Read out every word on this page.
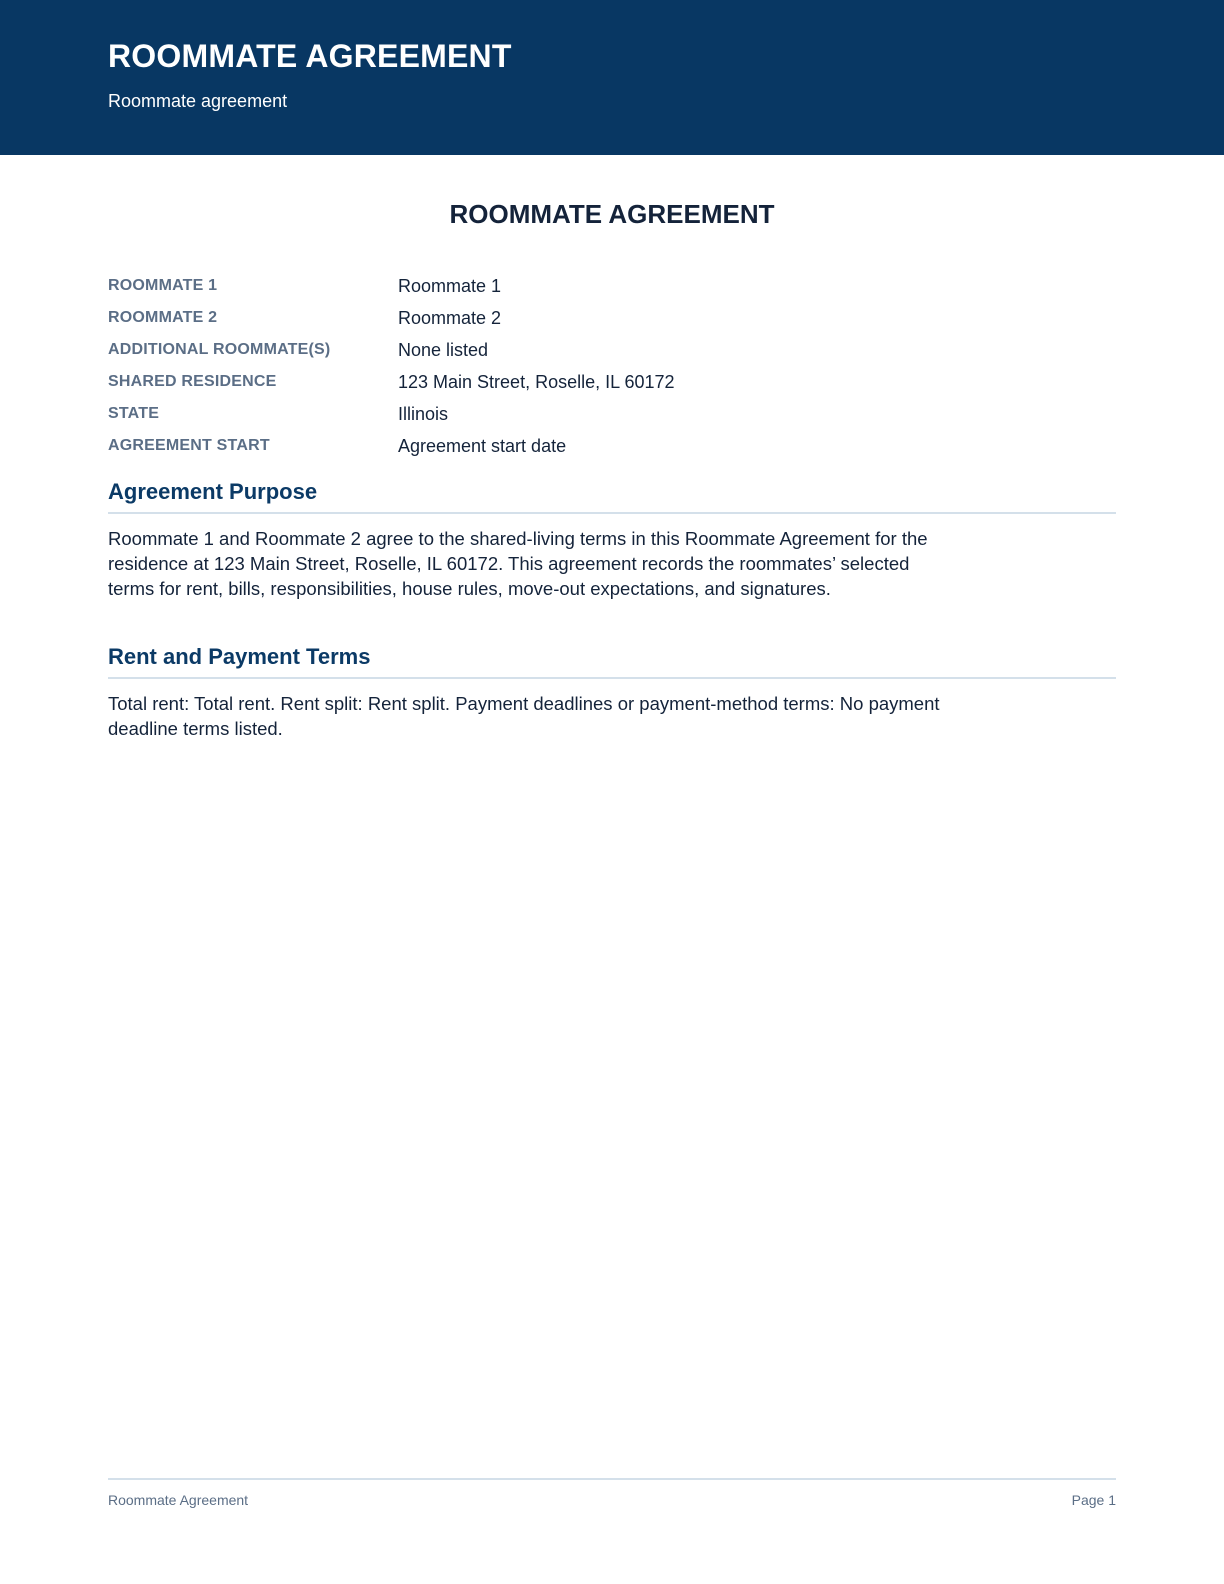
ROOMMATE AGREEMENT
Roommate agreement
ROOMMATE AGREEMENT
ROOMMATE 1	Roommate 1
ROOMMATE 2	Roommate 2
ADDITIONAL ROOMMATE(S)	None listed
SHARED RESIDENCE	123 Main Street, Roselle, IL 60172
STATE	Illinois
AGREEMENT START	Agreement start date
Agreement Purpose

Roommate 1 and Roommate 2 agree to the shared-living terms in this Roommate Agreement for the residence at 123 Main Street, Roselle, IL 60172. This agreement records the roommates’ selected terms for rent, bills, responsibilities, house rules, move-out expectations, and signatures.

Rent and Payment Terms

Total rent: Total rent. Rent split: Rent split. Payment deadlines or payment-method terms: No payment deadline terms listed.

Roommate Agreement	Page 1
